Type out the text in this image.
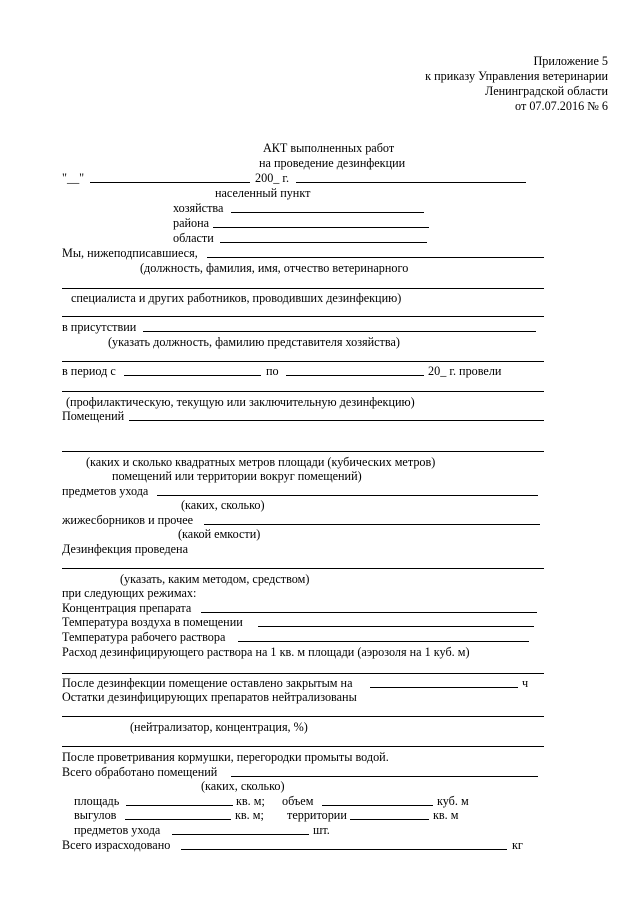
Приложение 5
к приказу Управления ветеринарии
Ленинградской области
от 07.07.2016 № 6
АКТ выполненных работ
на проведение дезинфекции
"__"	200_ г.
населенный пункт
хозяйства
района
области
Мы, нижеподписавшиеся,
(должность, фамилия, имя, отчество ветеринарного
специалиста и других работников, проводивших дезинфекцию)
в присутствии
(указать должность, фамилию представителя хозяйства)
в период с	по	20_ г. провели
(профилактическую, текущую или заключительную дезинфекцию)
Помещений
(каких и сколько квадратных метров площади (кубических метров)
помещений или территории вокруг помещений)
предметов ухода
(каких, сколько)
жижесборников и прочее
(какой емкости)
Дезинфекция проведена
(указать, каким методом, средством)
при следующих режимах:
Концентрация препарата
Температура воздуха в помещении
Температура рабочего раствора
Расход дезинфицирующего раствора на 1 кв. м площади (аэрозоля на 1 куб. м)
После дезинфекции помещение оставлено закрытым на	ч
Остатки дезинфицирующих препаратов нейтрализованы
(нейтрализатор, концентрация, %)
После проветривания кормушки, перегородки промыты водой.
Всего обработано помещений
(каких, сколько)
площадь	кв. м; объем	куб. м
выгулов	кв. м; территории	кв. м
предметов ухода	шт.
Всего израсходовано	кг
